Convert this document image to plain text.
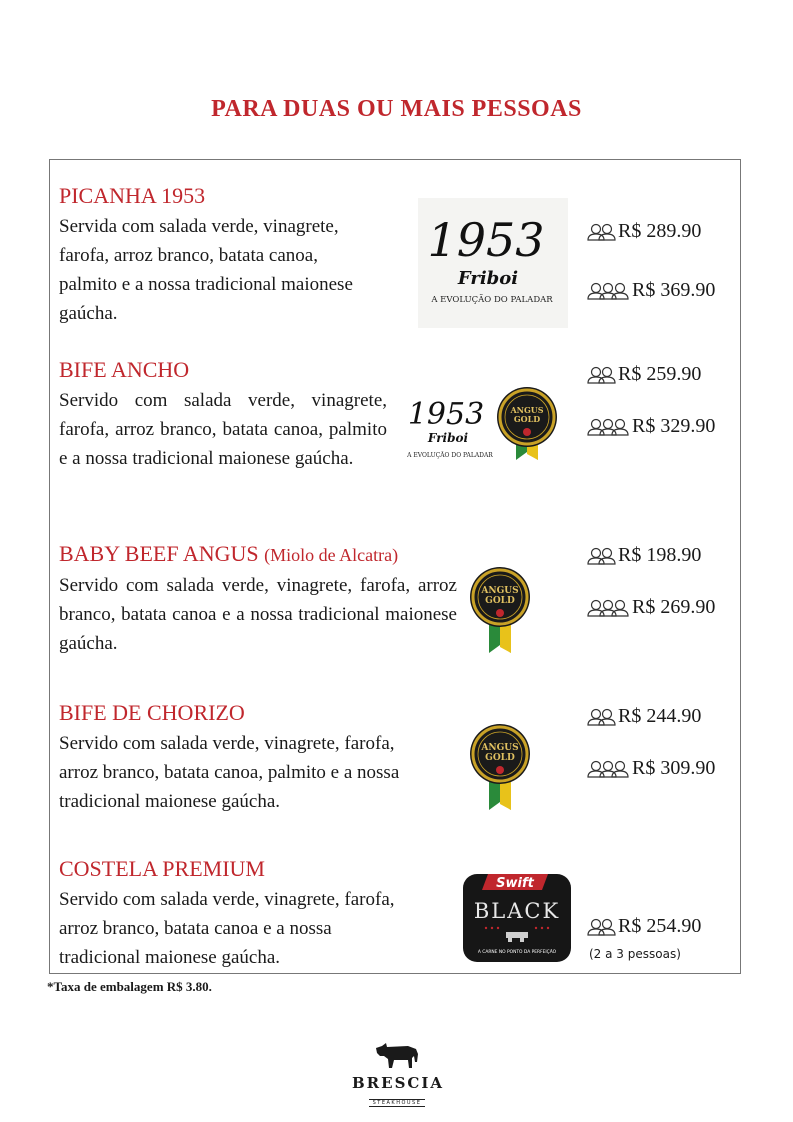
PARA DUAS OU MAIS PESSOAS
PICANHA 1953
Servida com salada verde, vinagrete,
farofa, arroz branco, batata canoa,
palmito e a nossa tradicional maionese
gaúcha.
1953
Friboi
A EVOLUÇÃO DO PALADAR
R$ 289.90
R$ 369.90
BIFE ANCHO
Servido com salada verde, vinagrete, farofa, arroz branco, batata canoa, palmito e a nossa tradicional maionese gaúcha.
1953
Friboi
A EVOLUÇÃO DO PALADAR
ANGUS
GOLD
R$ 259.90
R$ 329.90
BABY BEEF ANGUS (Miolo de Alcatra)
Servido com salada verde, vinagrete, farofa, arroz branco, batata canoa e a nossa tradicional maionese gaúcha.
ANGUS
GOLD
R$ 198.90
R$ 269.90
BIFE DE CHORIZO
Servido com salada verde, vinagrete, farofa,
arroz branco, batata canoa, palmito e a nossa
tradicional maionese gaúcha.
ANGUS
GOLD
R$ 244.90
R$ 309.90
COSTELA PREMIUM
Servido com salada verde, vinagrete, farofa,
arroz branco, batata canoa e a nossa
tradicional maionese gaúcha.
Swift
BLACK
A CARNE NO PONTO DA PERFEIÇÃO
R$ 254.90
(2 a 3 pessoas)
*Taxa de embalagem R$ 3.80.
BRESCIA
STEAKHOUSE
